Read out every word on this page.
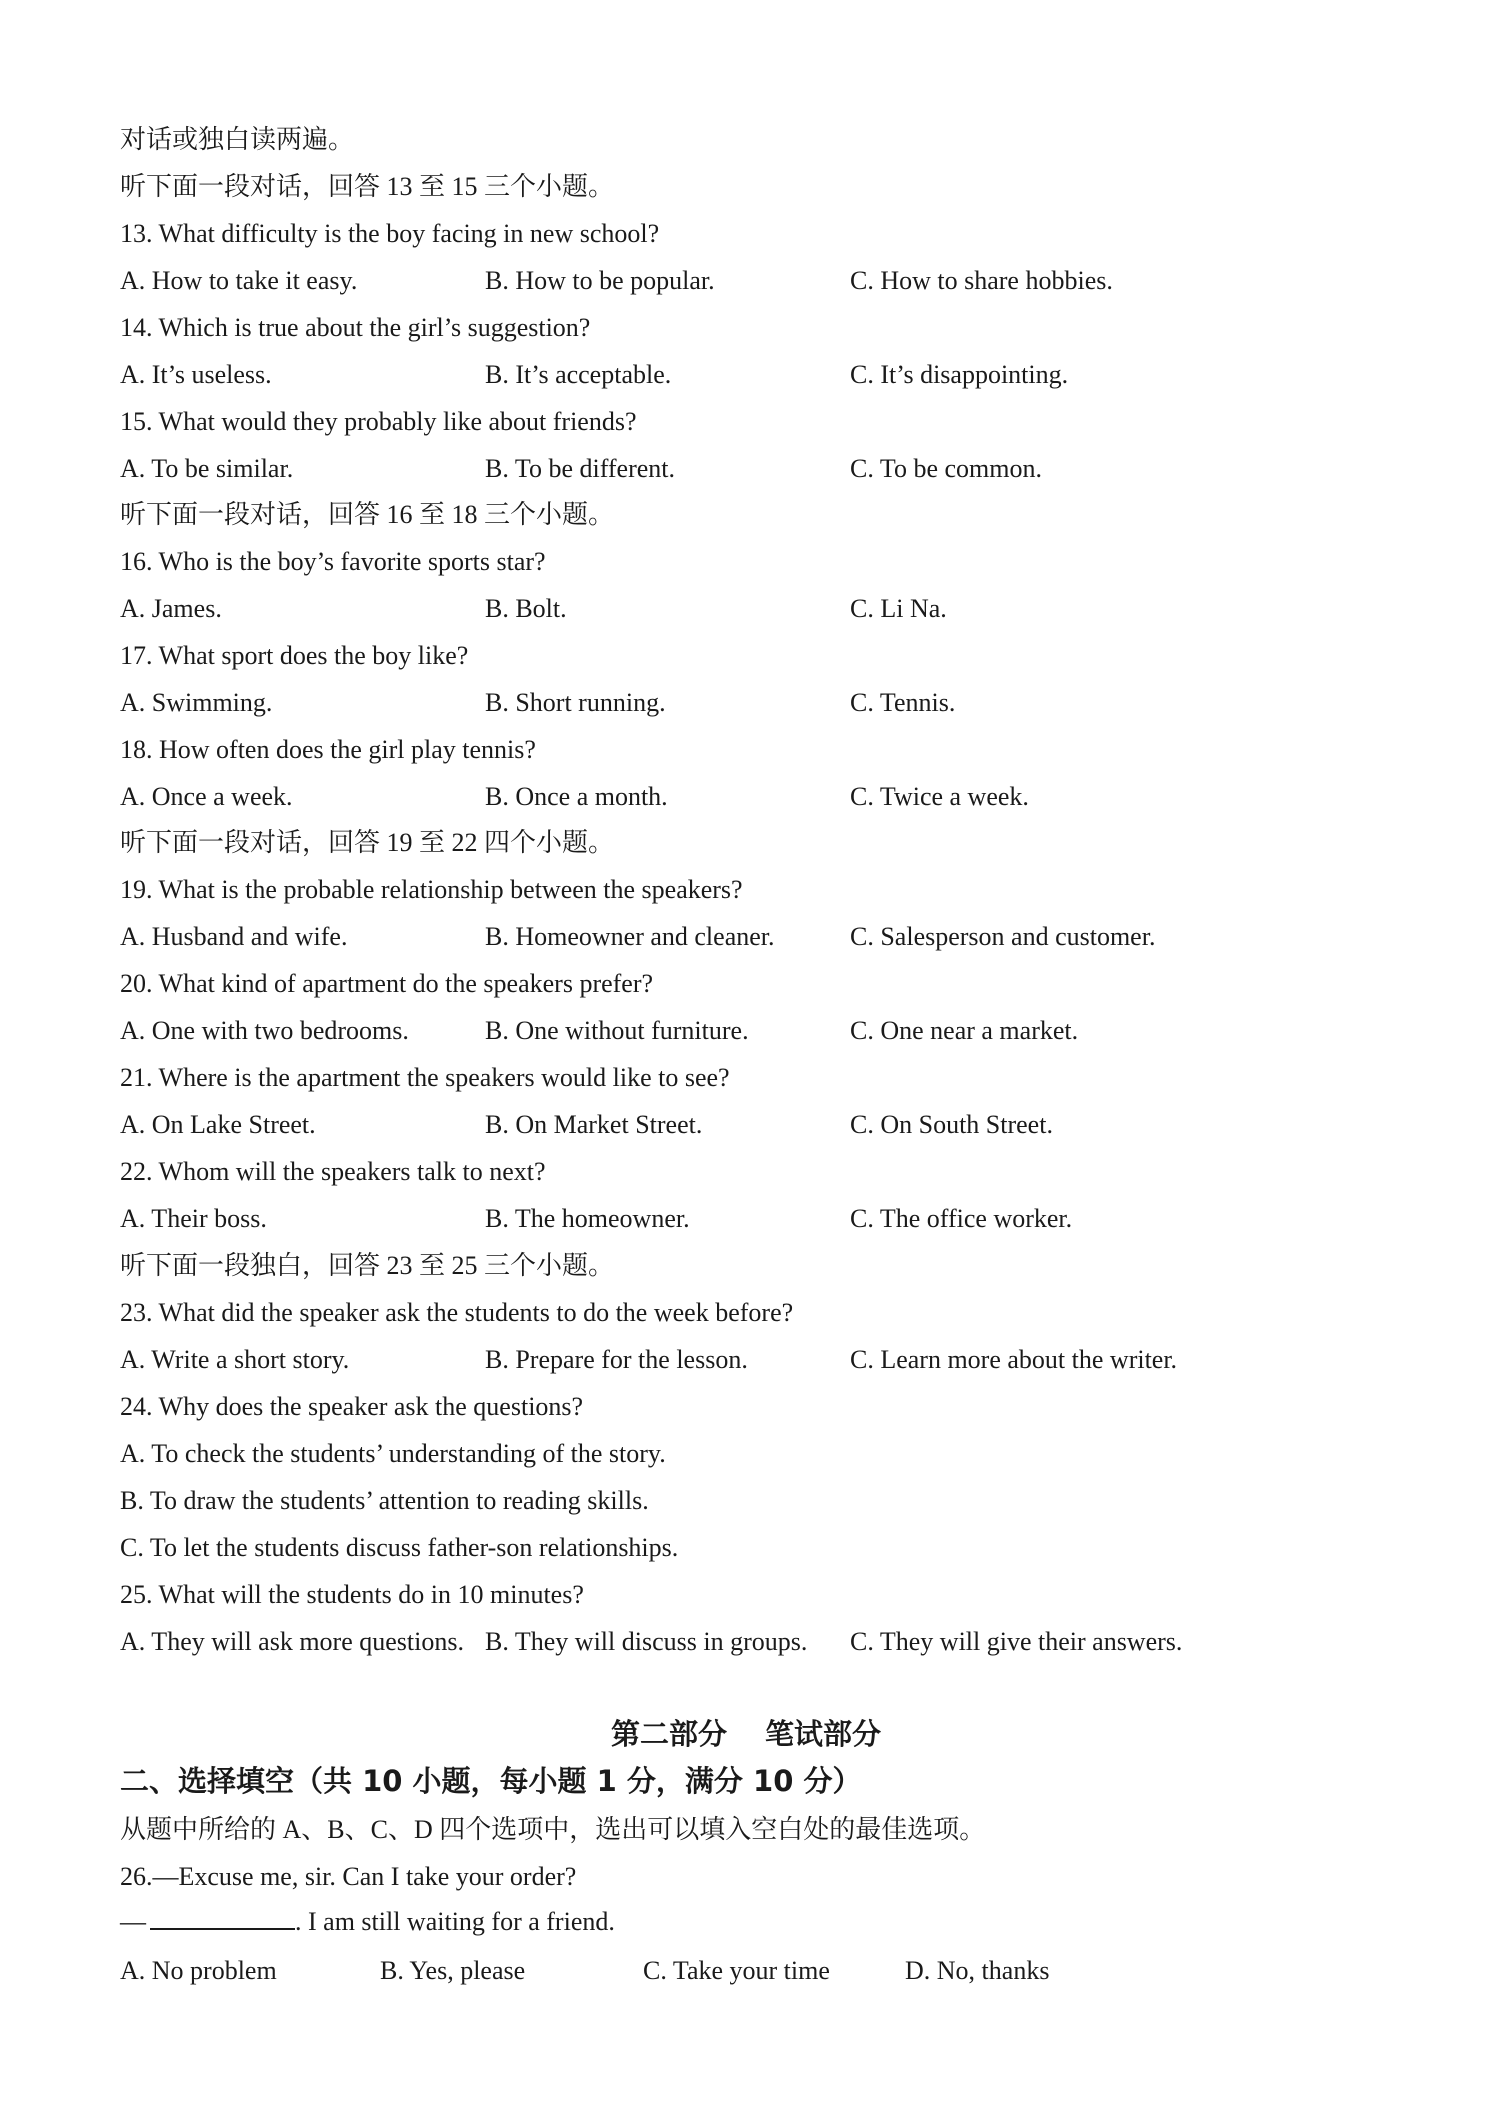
对话或独白读两遍。
听下面一段对话，回答 13 至 15 三个小题。
13. What difficulty is the boy facing in new school?
A. How to take it easy.	B. How to be popular.	C. How to share hobbies.
14. Which is true about the girl’s suggestion?
A. It’s useless.	B. It’s acceptable.	C. It’s disappointing.
15. What would they probably like about friends?
A. To be similar.	B. To be different.	C. To be common.
听下面一段对话，回答 16 至 18 三个小题。
16. Who is the boy’s favorite sports star?
A. James.	B. Bolt.	C. Li Na.
17. What sport does the boy like?
A. Swimming.	B. Short running.	C. Tennis.
18. How often does the girl play tennis?
A. Once a week.	B. Once a month.	C. Twice a week.
听下面一段对话，回答 19 至 22 四个小题。
19. What is the probable relationship between the speakers?
A. Husband and wife.	B. Homeowner and cleaner.	C. Salesperson and customer.
20. What kind of apartment do the speakers prefer?
A. One with two bedrooms.	B. One without furniture.	C. One near a market.
21. Where is the apartment the speakers would like to see?
A. On Lake Street.	B. On Market Street.	C. On South Street.
22. Whom will the speakers talk to next?
A. Their boss.	B. The homeowner.	C. The office worker.
听下面一段独白，回答 23 至 25 三个小题。
23. What did the speaker ask the students to do the week before?
A. Write a short story.	B. Prepare for the lesson.	C. Learn more about the writer.
24. Why does the speaker ask the questions?
A. To check the students’ understanding of the story.
B. To draw the students’ attention to reading skills.
C. To let the students discuss father-son relationships.
25. What will the students do in 10 minutes?
A. They will ask more questions. B. They will discuss in groups. C. They will give their answers.
第二部分 笔试部分
二、选择填空（共 10 小题，每小题 1 分，满分 10 分）
从题中所给的 A、B、C、D 四个选项中，选出可以填入空白处的最佳选项。
26.—Excuse me, sir. Can I take your order?
—	. I am still waiting for a friend.
A. No problem	B. Yes, please	C. Take your time	D. No, thanks
